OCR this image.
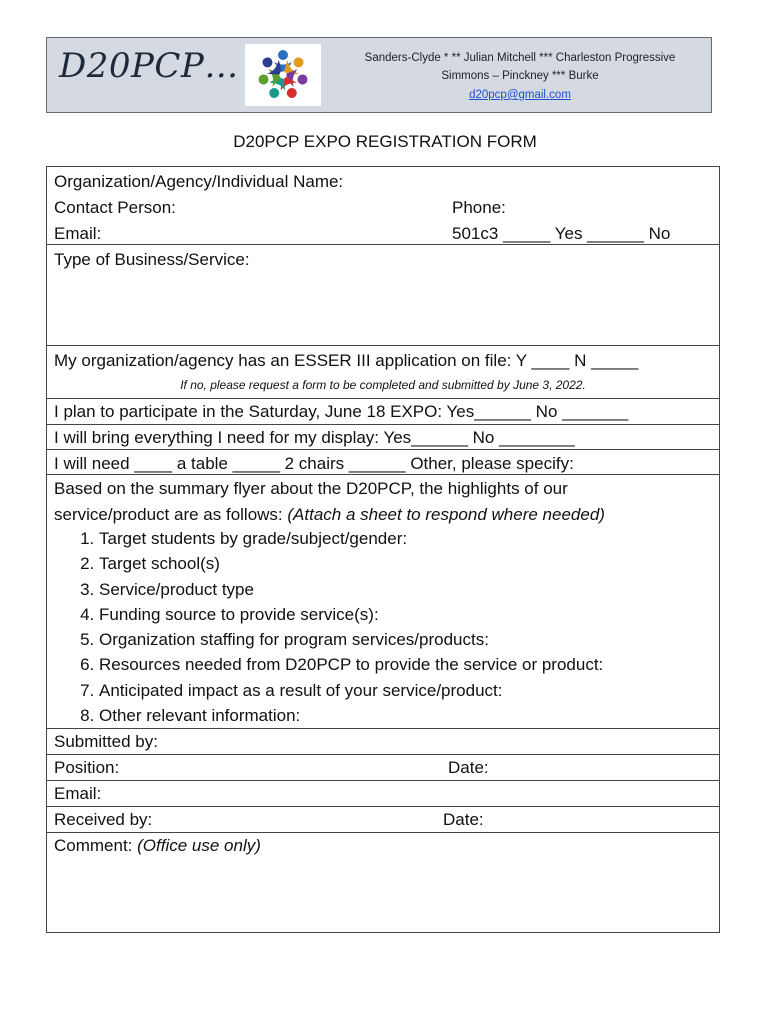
D20PCP…	Sanders-Clyde * ** Julian Mitchell *** Charleston Progressive
Simmons – Pinckney *** Burke
d20pcp@gmail.com
D20PCP EXPO REGISTRATION FORM
Organization/Agency/Individual Name:
Contact Person:	Phone:
Email:	501c3 _____ Yes ______ No
Type of Business/Service:
My organization/agency has an ESSER III application on file: Y ____ N _____
If no, please request a form to be completed and submitted by June 3, 2022.
I plan to participate in the Saturday, June 18 EXPO: Yes______ No _______
I will bring everything I need for my display: Yes______ No ________
I will need ____ a table _____ 2 chairs ______ Other, please specify:
Based on the summary flyer about the D20PCP, the highlights of our
service/product are as follows: (Attach a sheet to respond where needed)
1. Target students by grade/subject/gender:
2. Target school(s)
3. Service/product type
4. Funding source to provide service(s):
5. Organization staffing for program services/products:
6. Resources needed from D20PCP to provide the service or product:
7. Anticipated impact as a result of your service/product:
8. Other relevant information:
Submitted by:
Position:	Date:
Email:
Received by:	Date:
Comment: (Office use only)
